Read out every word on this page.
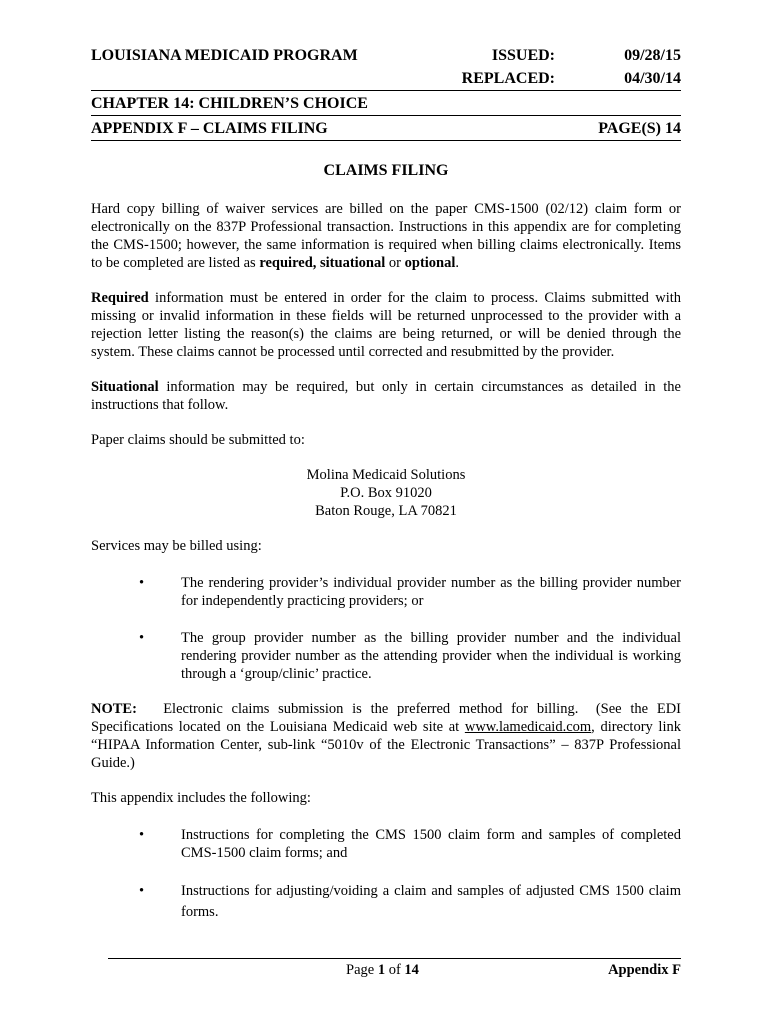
LOUISIANA MEDICAID PROGRAM	ISSUED:	09/28/15
REPLACED:	04/30/14
CHAPTER 14: CHILDREN’S CHOICE
APPENDIX F – CLAIMS FILING	PAGE(S) 14
CLAIMS FILING

Hard copy billing of waiver services are billed on the paper CMS-1500 (02/12) claim form or electronically on the 837P Professional transaction. Instructions in this appendix are for completing the CMS-1500; however, the same information is required when billing claims electronically. Items to be completed are listed as required, situational or optional.

Required information must be entered in order for the claim to process. Claims submitted with missing or invalid information in these fields will be returned unprocessed to the provider with a rejection letter listing the reason(s) the claims are being returned, or will be denied through the system. These claims cannot be processed until corrected and resubmitted by the provider.

Situational information may be required, but only in certain circumstances as detailed in the instructions that follow.

Paper claims should be submitted to:

Molina Medicaid Solutions
P.O. Box 91020
Baton Rouge, LA 70821

Services may be billed using:

•	The rendering provider’s individual provider number as the billing provider number for independently practicing providers; or
•	The group provider number as the billing provider number and the individual rendering provider number as the attending provider when the individual is working through a ‘group/clinic’ practice.

NOTE:   Electronic claims submission is the preferred method for billing.  (See the EDI Specifications located on the Louisiana Medicaid web site at www.lamedicaid.com, directory link “HIPAA Information Center, sub-link “5010v of the Electronic Transactions” – 837P Professional Guide.)

This appendix includes the following:

•	Instructions for completing the CMS 1500 claim form and samples of completed CMS-1500 claim forms; and
•	Instructions for adjusting/voiding a claim and samples of adjusted CMS 1500 claim forms.
Page 1 of 14	Appendix F
